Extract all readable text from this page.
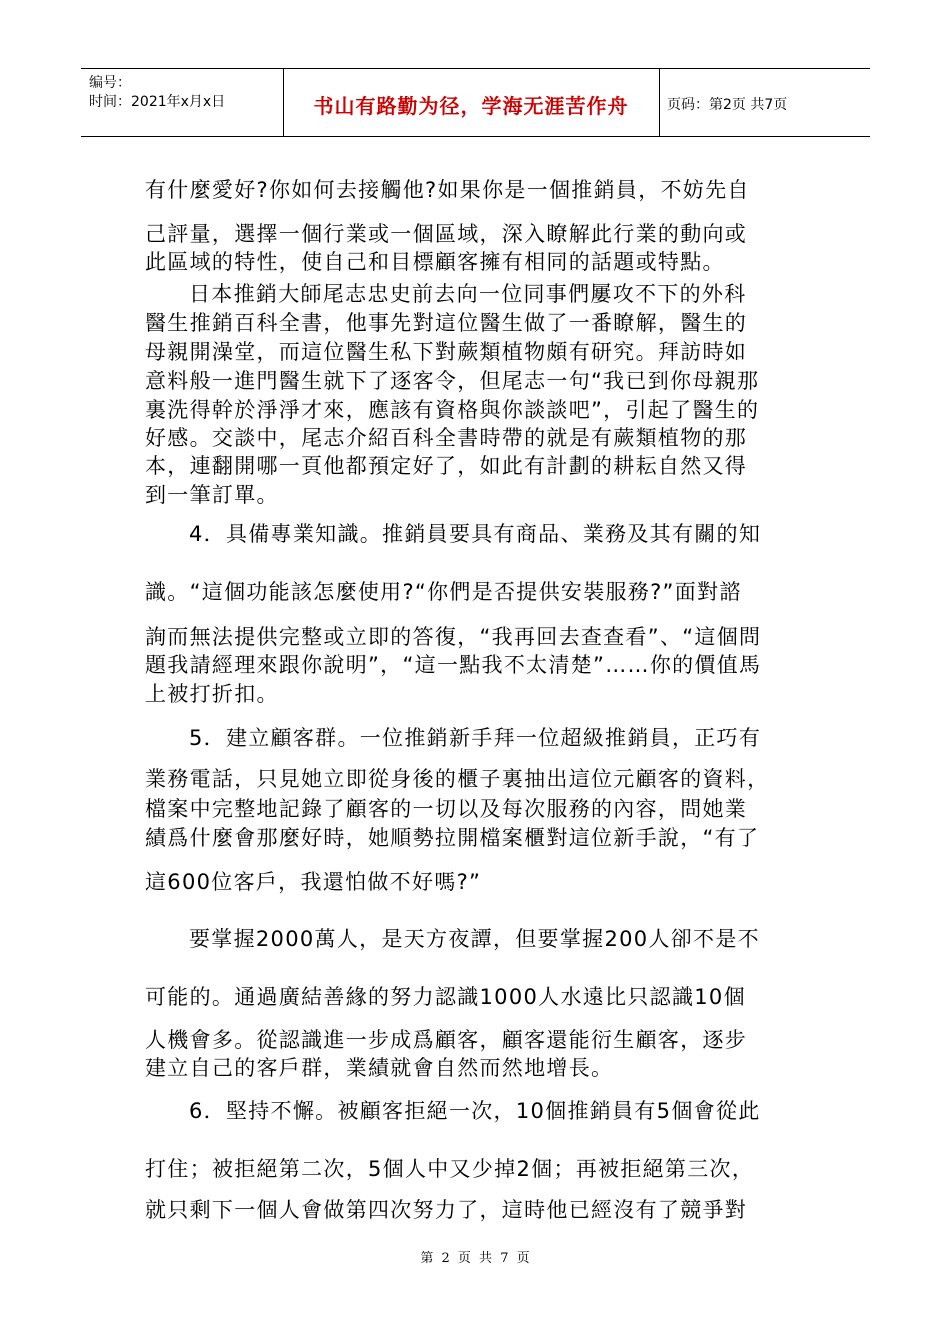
编号：
时间：2021年x月x日	书山有路勤为径，学海无涯苦作舟	页码：第2页 共7页
有什麼愛好?你如何去接觸他?如果你是一個推銷員，不妨先自
己評量，選擇一個行業或一個區域，深入瞭解此行業的動向或
此區域的特性，使自己和目標顧客擁有相同的話題或特點。
日本推銷大師尾志忠史前去向一位同事們屢攻不下的外科
醫生推銷百科全書，他事先對這位醫生做了一番瞭解，醫生的
母親開澡堂，而這位醫生私下對蕨類植物頗有研究。拜訪時如
意料般一進門醫生就下了逐客令，但尾志一句“我已到你母親那
裏洗得幹於淨淨才來，應該有資格與你談談吧”，引起了醫生的
好感。交談中，尾志介紹百科全書時帶的就是有蕨類植物的那
本，連翻開哪一頁他都預定好了，如此有計劃的耕耘自然又得
到一筆訂單。
4．具備專業知識。推銷員要具有商品、業務及其有關的知
識。“這個功能該怎麼使用?“你們是否提供安裝服務?”面對諮
詢而無法提供完整或立即的答復，“我再回去查查看”、“這個問
題我請經理來跟你說明”，“這一點我不太清楚”……你的價值馬
上被打折扣。
5．建立顧客群。一位推銷新手拜一位超級推銷員，正巧有
業務電話，只見她立即從身後的櫃子裏抽出這位元顧客的資料，
檔案中完整地記錄了顧客的一切以及每次服務的內容，問她業
績爲什麼會那麼好時，她順勢拉開檔案櫃對這位新手說，“有了
這600位客戶，我還怕做不好嗎?”
要掌握2000萬人，是天方夜譚，但要掌握200人卻不是不
可能的。通過廣結善緣的努力認識1000人水遠比只認識10個
人機會多。從認識進一步成爲顧客，顧客還能衍生顧客，逐步
建立自己的客戶群，業績就會自然而然地增長。
6．堅持不懈。被顧客拒絕一次，10個推銷員有5個會從此
打住；被拒絕第二次，5個人中又少掉2個；再被拒絕第三次，
就只剩下一個人會做第四次努力了，這時他已經沒有了競爭對
第 2 页 共 7 页
